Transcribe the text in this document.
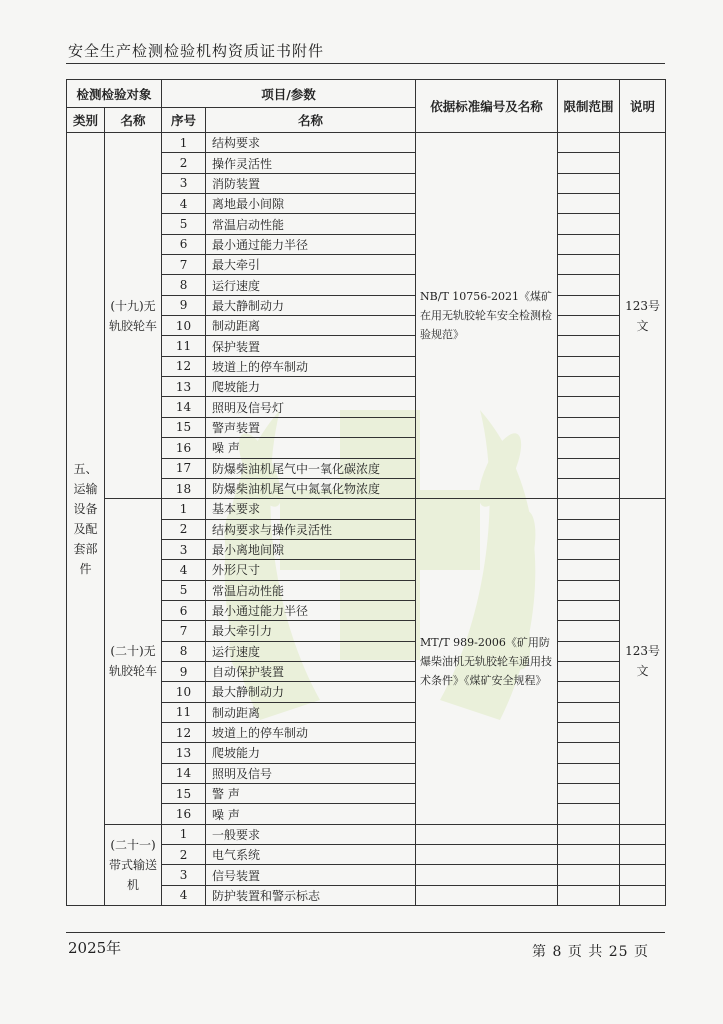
安全生产检测检验机构资质证书附件
检测检验对象		项目/参数		依据标准编号及名称	限制范围	说明
类别	名称	序号	名称			
五、运输设备及配套部件	(十九)无轨胶轮车	1	结构要求	NB/T 10756-2021《煤矿在用无轨胶轮车安全检测检验规范》		123号文
		2	操作灵活性			
		3	消防装置			
		4	离地最小间隙			
		5	常温启动性能			
		6	最小通过能力半径			
		7	最大牵引			
		8	运行速度			
		9	最大静制动力			
		10	制动距离			
		11	保护装置			
		12	坡道上的停车制动			
		13	爬坡能力			
		14	照明及信号灯			
		15	警声装置			
		16	噪 声			
		17	防爆柴油机尾气中一氧化碳浓度			
		18	防爆柴油机尾气中氮氧化物浓度			
	(二十)无轨胶轮车	1	基本要求	MT/T 989-2006《矿用防爆柴油机无轨胶轮车通用技术条件》《煤矿安全规程》		123号文
		2	结构要求与操作灵活性			
		3	最小离地间隙			
		4	外形尺寸			
		5	常温启动性能			
		6	最小通过能力半径			
		7	最大牵引力			
		8	运行速度			
		9	自动保护装置			
		10	最大静制动力			
		11	制动距离			
		12	坡道上的停车制动			
		13	爬坡能力			
		14	照明及信号			
		15	警 声			
		16	噪 声			
	(二十一)带式输送机	1	一般要求			
		2	电气系统			
		3	信号装置			
		4	防护装置和警示标志			
2025年	第 8 页 共 25 页
